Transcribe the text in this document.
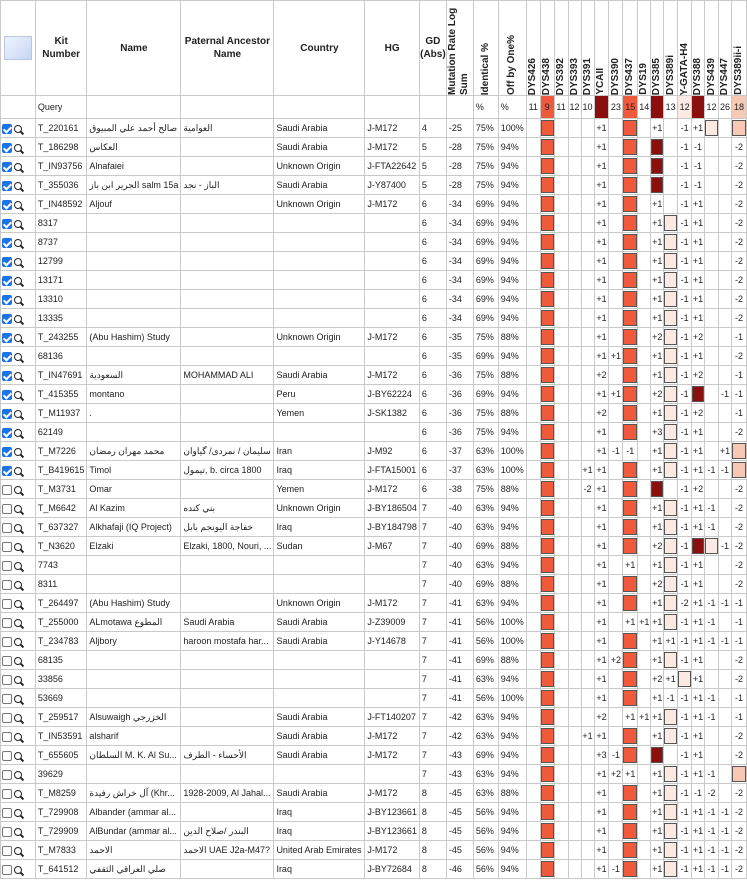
	Kit Number	Name	Paternal Ancestor Name	Country	HG	GD (Abs)	Mutation Rate Log Sum	Identical %	Off by One%	DYS426	DYS438	DYS392	DYS393	DYS391	YCAII	DYS390	DYS437	DYS19	DYS385	DYS389i	Y-GATA-H4	DYS388	DYS439	DYS447	DYS389ii-i

	Query							%	%	11	9	11	12	10		23	15	14		13	12		12	26	18
	T_220161	صالح أحمد علي المبيوق	العوامية	Saudi Arabia	J-M172	4	-25	75%	100%						+1				+1		-1	+1	

	T_186298	العكاس		Saudi Arabia	J-M172	5	-28	75%	94%						+1						-1	-1			-2
	T_IN93756	Alnafaiei		Unknown Origin	J-FTA22642	5	-28	75%	94%						+1						-1	-1			-2
	T_355036	الجرير ابن باز salm 15a	الباز - نجد	Saudi Arabia	J-Y87400	5	-28	75%	94%						+1						-1	-1			-2
	T_IN48592	Aljouf		Unknown Origin	J-M172	6	-34	69%	94%						+1				+1		-1	+1			-2
	8317					6	-34	69%	94%						+1				+1		-1	+1			-2
	8737					6	-34	69%	94%						+1				+1		-1	+1			-2
	12799					6	-34	69%	94%						+1				+1		-1	+1			-2
	13171					6	-34	69%	94%						+1				+1		-1	+1			-2
	13310					6	-34	69%	94%						+1				+1		-1	+1			-2
	13335					6	-34	69%	94%						+1				+1		-1	+1			-2
	T_243255	(Abu Hashim) Study		Unknown Origin	J-M172	6	-35	75%	88%						+1				+2		-1	+2			-1
	68136					6	-35	69%	94%						+1	+1			+1		-1	+1			-2
	T_IN47691	السعودية	MOHAMMAD ALI	Saudi Arabia	J-M172	6	-36	75%	88%						+2				+1		-1	+2			-1
	T_415355	montano		Peru	J-BY62224	6	-36	69%	94%						+1	+1			+2		-1			-1	-1
	T_M11937	.		Yemen	J-SK1382	6	-36	75%	88%						+2				+1		-1	+2			-1
	62149					6	-36	75%	94%						+1				+3		-1	+1			-2
	T_M7226	محمد مهران رمضان	سليمان / نمردی/ گیاوان	Iran	J-M92	6	-37	63%	100%						+1	-1	-1		+1		-1	+1		+1	

	T_B419615	Timol	تيمول, b. circa 1800	Iraq	J-FTA15001	6	-37	63%	100%					+1	+1				+1		-1	+1	-1	-1	

	T_M3731	Omar		Yemen	J-M172	6	-38	75%	88%					-2	+1						-1	+2			-2
	T_M6642	Al Kazim	بني كنده	Unknown Origin	J-BY186504	7	-40	63%	94%						+1				+1		-1	+1	-1		-2
	T_637327	Alkhafaji (IQ Project)	خفاجة اليونجم بابل	Iraq	J-BY184798	7	-40	63%	94%						+1				+1		-1	+1	-1		-2
	T_N3620	Elzaki	Elzaki, 1800, Nouri, ...	Sudan	J-M67	7	-40	69%	88%						+1				+2		-1			-1	-2
	7743					7	-40	63%	94%						+1		+1		+1		-1	+1			-2
	8311					7	-40	69%	88%						+1				+2		-1	+1			-2
	T_264497	(Abu Hashim) Study		Unknown Origin	J-M172	7	-41	63%	94%						+1				+1		-2	+1	-1	-1	-1
	T_255000	ALmotawa المطوع	Saudi Arabia	Saudi Arabia	J-Z39009	7	-41	56%	100%						+1		+1	+1	+1		-1	+1	-1		-1
	T_234783	Aljbory	haroon mostafa har...	Saudi Arabia	J-Y14678	7	-41	56%	100%						+1				+1	+1	-1	+1	-1	-1	-1
	68135					7	-41	69%	88%						+1	+2			+1		-1	+1			-2
	33856					7	-41	63%	94%						+1				+2	+1		+1			-2
	53669					7	-41	56%	100%						+1				+1	-1	-1	+1	-1		-1
	T_259517	Alsuwaigh الخزرجي		Saudi Arabia	J-FT140207	7	-42	63%	94%						+2		+1	+1	+1		-1	+1	-1		-1
	T_IN53591	alsharif		Saudi Arabia	J-M172	7	-42	63%	94%					+1	+1				+1		-1	+1			-2
	T_655605	السلطان M. K. Al Su...	الأحساء - الطرف	Saudi Arabia	J-M172	7	-43	69%	94%						+3	-1					-1	+1			-2
	39629					7	-43	63%	94%						+1	+2	+1		+1		-1	+1	-1		

	T_M8259	آل خراش رفيدة (Khr...	1928-2009, Al Jahal...	Saudi Arabia	J-M172	8	-45	63%	88%						+1				+1		-1	-1	-2		-2
	T_729908	Albander (ammar al...		Iraq	J-BY123661	8	-45	56%	94%						+1				+1		-1	+1	-1	-1	-2
	T_729909	AlBundar (ammar al...	البندر /صلاح الدين	Iraq	J-BY123661	8	-45	56%	94%						+1				+1		-1	+1	-1	-1	-2
	T_M7833	الاحمد	الاحمد UAE J2a-M47?	United Arab Emirates	J-M172	8	-45	56%	94%						+1				+1		-1	+1	-1	-1	-2
	T_641512	صلي العراقي الثقفي		Iraq	J-BY72684	8	-46	56%	94%						+1	-1			+1		-1	+1	-1	-1	-2
